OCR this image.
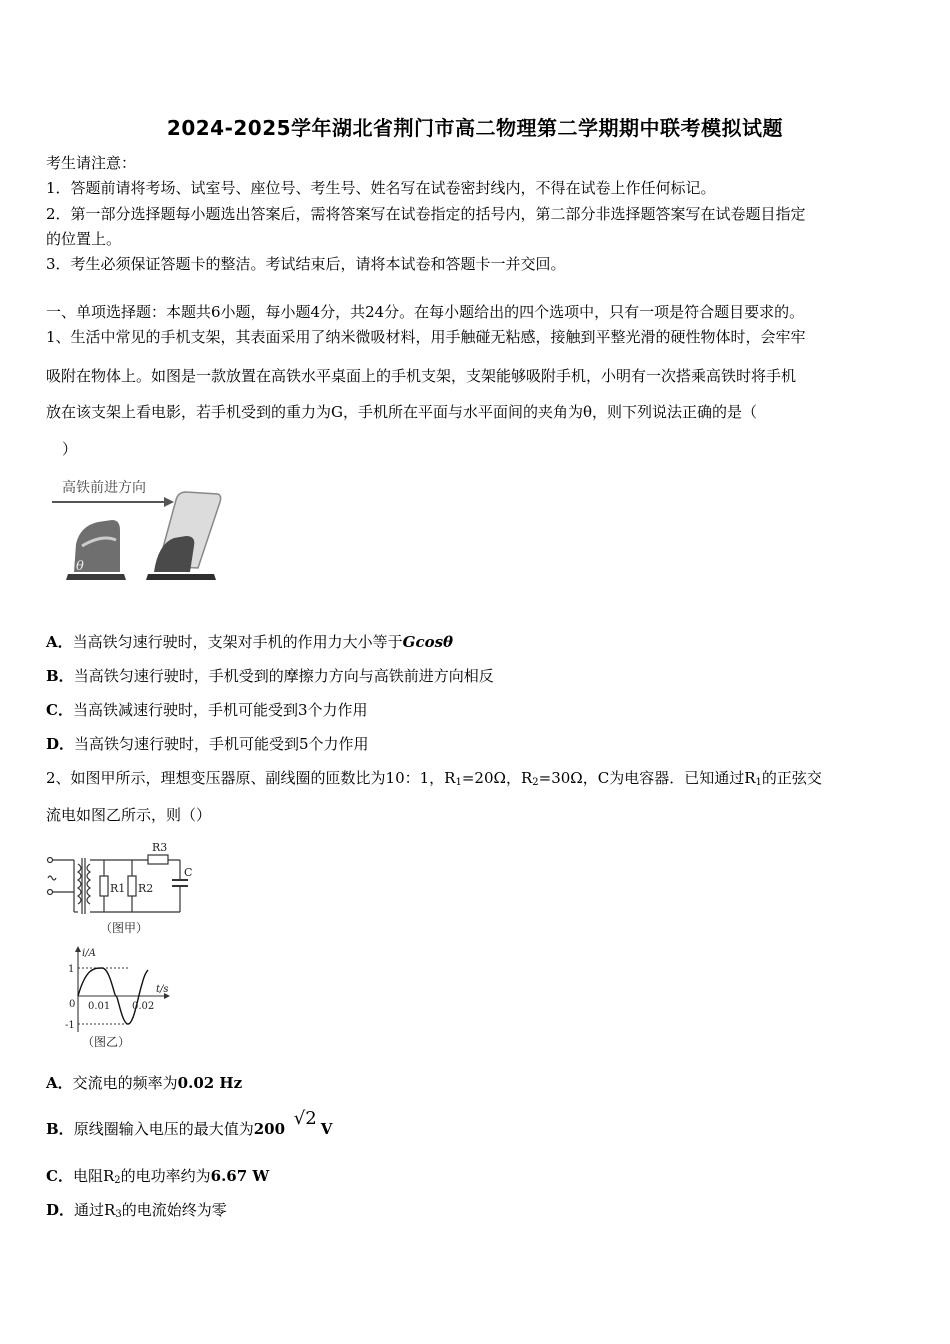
2024-2025学年湖北省荆门市高二物理第二学期期中联考模拟试题
考生请注意：
1．答题前请将考场、试室号、座位号、考生号、姓名写在试卷密封线内，不得在试卷上作任何标记。
2．第一部分选择题每小题选出答案后，需将答案写在试卷指定的括号内，第二部分非选择题答案写在试卷题目指定
的位置上。
3．考生必须保证答题卡的整洁。考试结束后，请将本试卷和答题卡一并交回。
一、单项选择题：本题共6小题，每小题4分，共24分。在每小题给出的四个选项中，只有一项是符合题目要求的。
1、生活中常见的手机支架，其表面采用了纳米微吸材料，用手触碰无粘感，接触到平整光滑的硬性物体时，会牢牢
吸附在物体上。如图是一款放置在高铁水平桌面上的手机支架，支架能够吸附手机，小明有一次搭乘高铁时将手机
放在该支架上看电影，若手机受到的重力为G，手机所在平面与水平面间的夹角为θ，则下列说法正确的是（
）
高铁前进方向
θ
A．当高铁匀速行驶时，支架对手机的作用力大小等于Gcosθ
B．当高铁匀速行驶时，手机受到的摩擦力方向与高铁前进方向相反
C．当高铁减速行驶时，手机可能受到3个力作用
D．当高铁匀速行驶时，手机可能受到5个力作用
2、如图甲所示，理想变压器原、副线圈的匝数比为10：1，$R_1=20\Omega$，$R_2=30\Omega$，C为电容器．已知通过$R_1$的正弦交
流电如图乙所示，则（）
R1 R2
R3
C
（图甲）
i/A
t/s
1
-1
0 0.01 0.02
（图乙）
A．交流电的频率为0.02 Hz
B．原线圈输入电压的最大值为200 √2 V
C．电阻$R_2$的电功率约为6.67 W
D．通过$R_3$的电流始终为零
